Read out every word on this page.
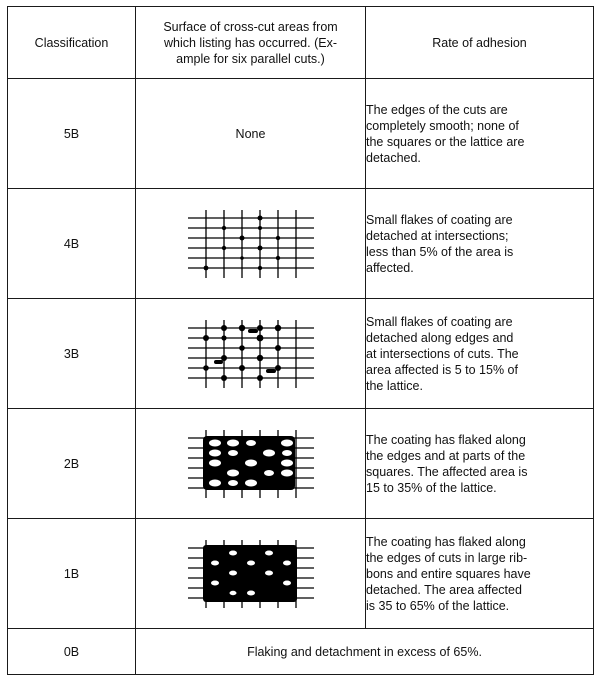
Classification	Surface of cross-cut areas from
which listing has occurred. (Ex-
ample for six parallel cuts.)	Rate of adhesion
5B	None	The edges of the cuts are
completely smooth; none of
the squares or the lattice are
detached.

4B		Small flakes of coating are
detached at intersections;
less than 5% of the area is
affected.

3B		Small flakes of coating are
detached along edges and
at intersections of cuts. The
area affected is 5 to 15% of
the lattice.

2B		The coating has flaked along
the edges and at parts of the
squares. The affected area is
15 to 35% of the lattice.

1B		The coating has flaked along
the edges of cuts in large rib-
bons and entire squares have
detached. The area affected
is 35 to 65% of the lattice.

0B	Flaking and detachment in excess of 65%.	
